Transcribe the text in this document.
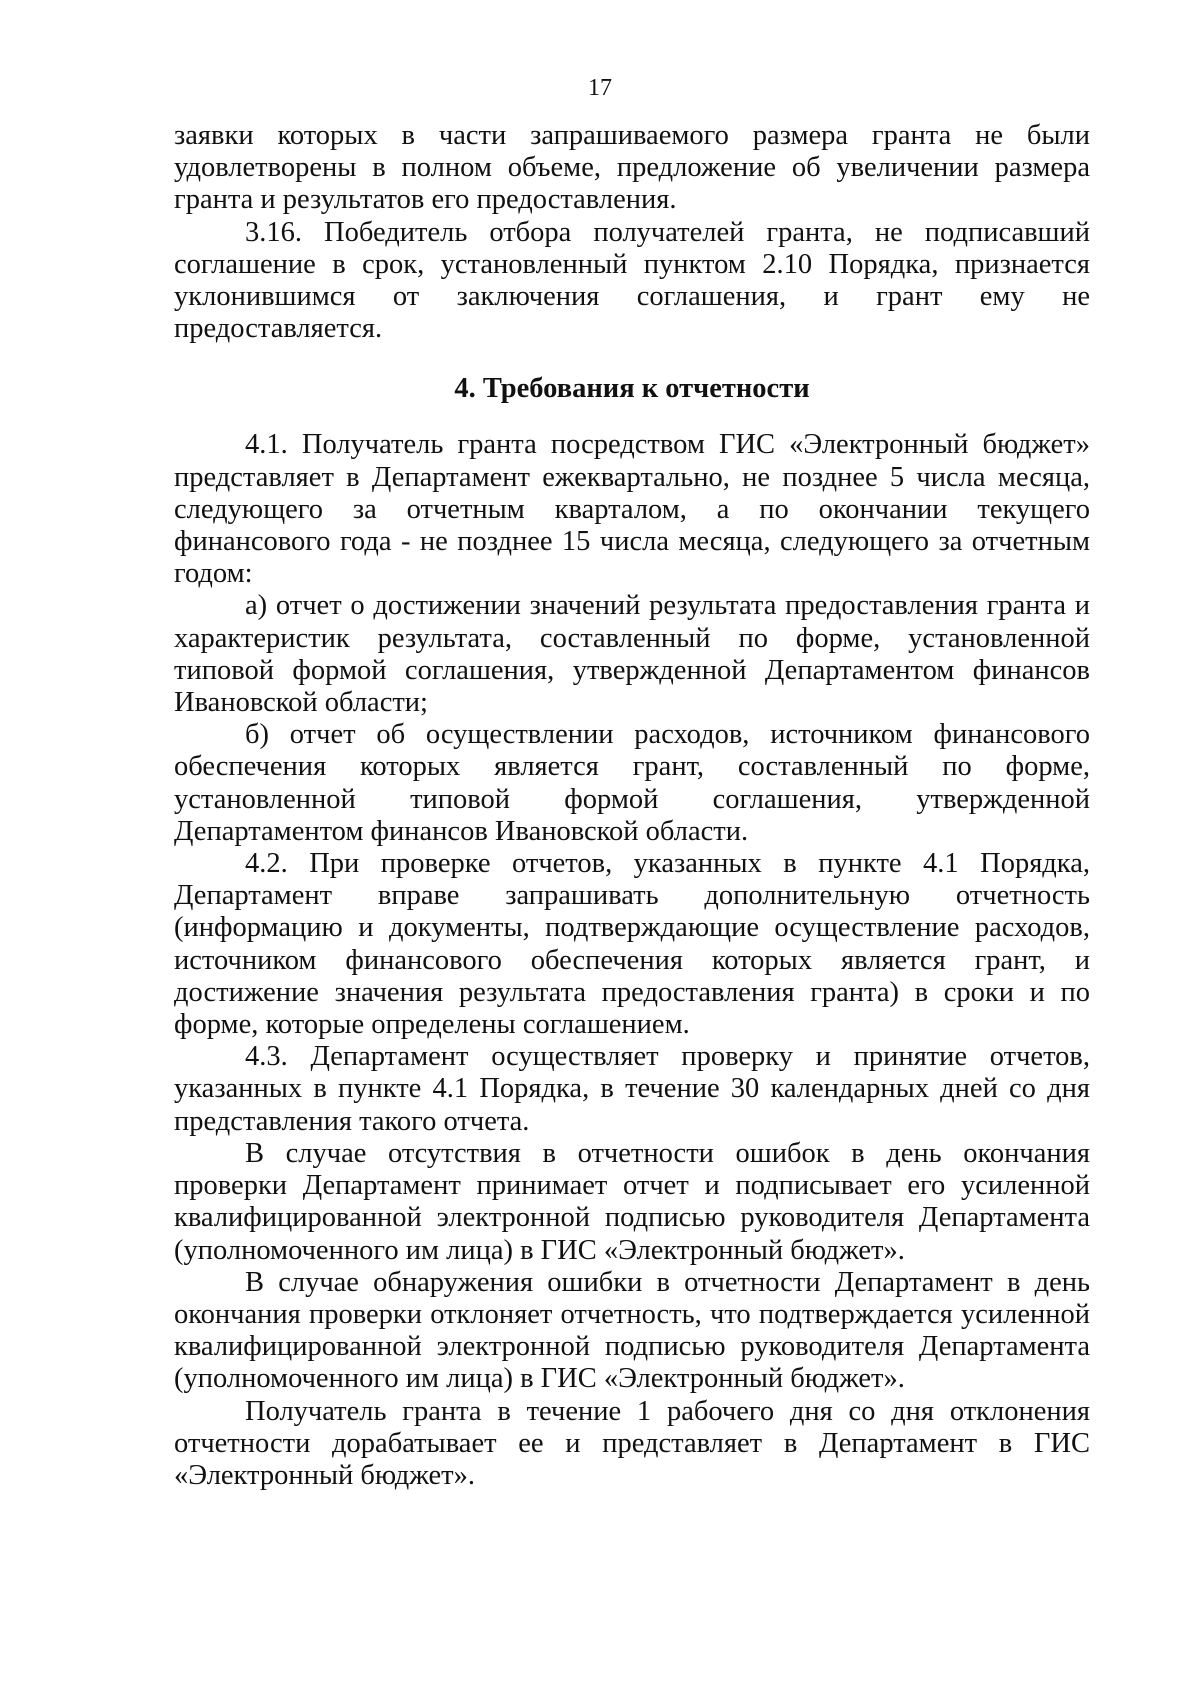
17

заявки которых в части запрашиваемого размера гранта не были удовлетворены в полном объеме, предложение об увеличении размера гранта и результатов его предоставления.

3.16. Победитель отбора получателей гранта, не подписавший соглашение в срок, установленный пунктом 2.10 Порядка, признается уклонившимся от заключения соглашения, и грант ему не предоставляется.

4. Требования к отчетности

4.1. Получатель гранта посредством ГИС «Электронный бюджет» представляет в Департамент ежеквартально, не позднее 5 числа месяца, следующего за отчетным кварталом, а по окончании текущего финансового года - не позднее 15 числа месяца, следующего за отчетным годом:

а) отчет о достижении значений результата предоставления гранта и характеристик результата, составленный по форме, установленной типовой формой соглашения, утвержденной Департаментом финансов Ивановской области;

б) отчет об осуществлении расходов, источником финансового обеспечения которых является грант, составленный по форме, установленной типовой формой соглашения, утвержденной Департаментом финансов Ивановской области.

4.2. При проверке отчетов, указанных в пункте 4.1 Порядка, Департамент вправе запрашивать дополнительную отчетность (информацию и документы, подтверждающие осуществление расходов, источником финансового обеспечения которых является грант, и достижение значения результата предоставления гранта) в сроки и по форме, которые определены соглашением.

4.3. Департамент осуществляет проверку и принятие отчетов, указанных в пункте 4.1 Порядка, в течение 30 календарных дней со дня представления такого отчета.

В случае отсутствия в отчетности ошибок в день окончания проверки Департамент принимает отчет и подписывает его усиленной квалифицированной электронной подписью руководителя Департамента (уполномоченного им лица) в ГИС «Электронный бюджет».

В случае обнаружения ошибки в отчетности Департамент в день окончания проверки отклоняет отчетность, что подтверждается усиленной квалифицированной электронной подписью руководителя Департамента (уполномоченного им лица) в ГИС «Электронный бюджет».

Получатель гранта в течение 1 рабочего дня со дня отклонения отчетности дорабатывает ее и представляет в Департамент в ГИС «Электронный бюджет».
